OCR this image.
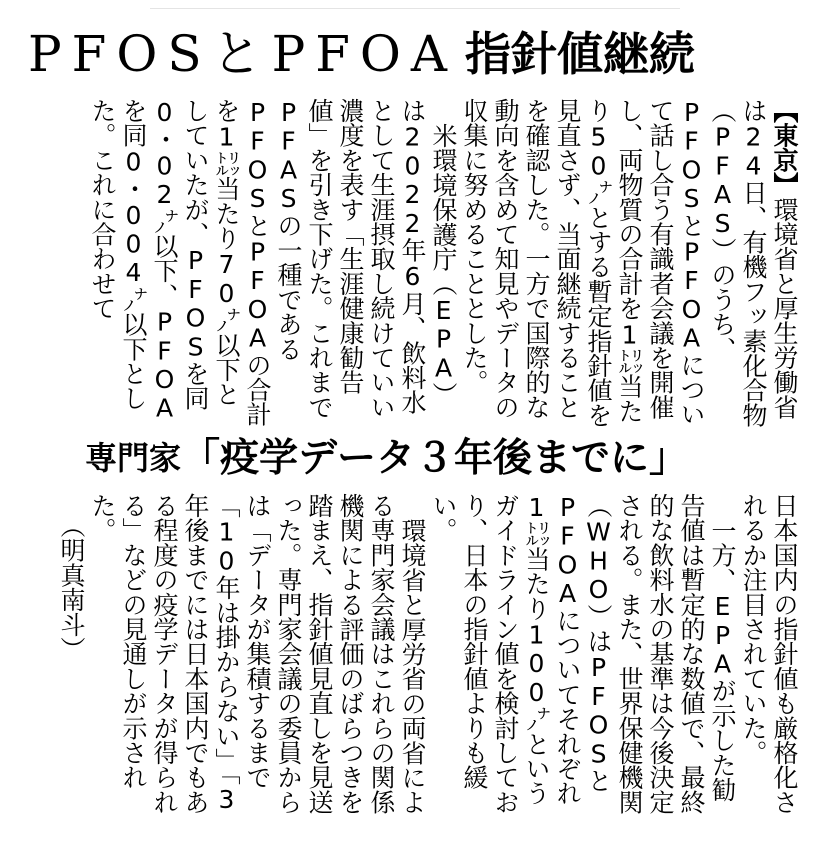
PFOSとPFOA 指針値継続

【東京】環境省と厚生労働省は24日、有機フッ素化合物（PFAS）のうち、PFOSとPFOAについて話し合う有識者会議を開催し、両物質の合計を1㍑当たり50㌨とする暫定指針値を見直さず、当面継続することを確認した。一方で国際的な動向を含めて知見やデータの収集に努めることとした。

米環境保護庁（EPA）は2022年6月、飲料水として生涯摂取し続けていい濃度を表す「生涯健康勧告値」を引き下げた。これまでPFASの一種であるPFOSとPFOAの合計を1㍑当たり70㌨以下としていたが、PFOSを同0・02㌨以下、PFOAを同0・004㌨以下とした。これに合わせて

専門家 「疫学データ３年後までに」

日本国内の指針値も厳格化されるか注目されていた。

一方、EPAが示した勧告値は暫定的な数値で、最終的な飲料水の基準は今後決定される。また、世界保健機関（WHO）はPFOSとPFOAについてそれぞれ1㍑当たり100㌨というガイドライン値を検討しており、日本の指針値よりも緩い。

環境省と厚労省の両省による専門家会議はこれらの関係機関による評価のばらつきを踏まえ、指針値見直しを見送った。専門家会議の委員からは「データが集積するまで「10年は掛からない」「3年後までには日本国内でもある程度の疫学データが得られる」などの見通しが示された。

（明真南斗）
